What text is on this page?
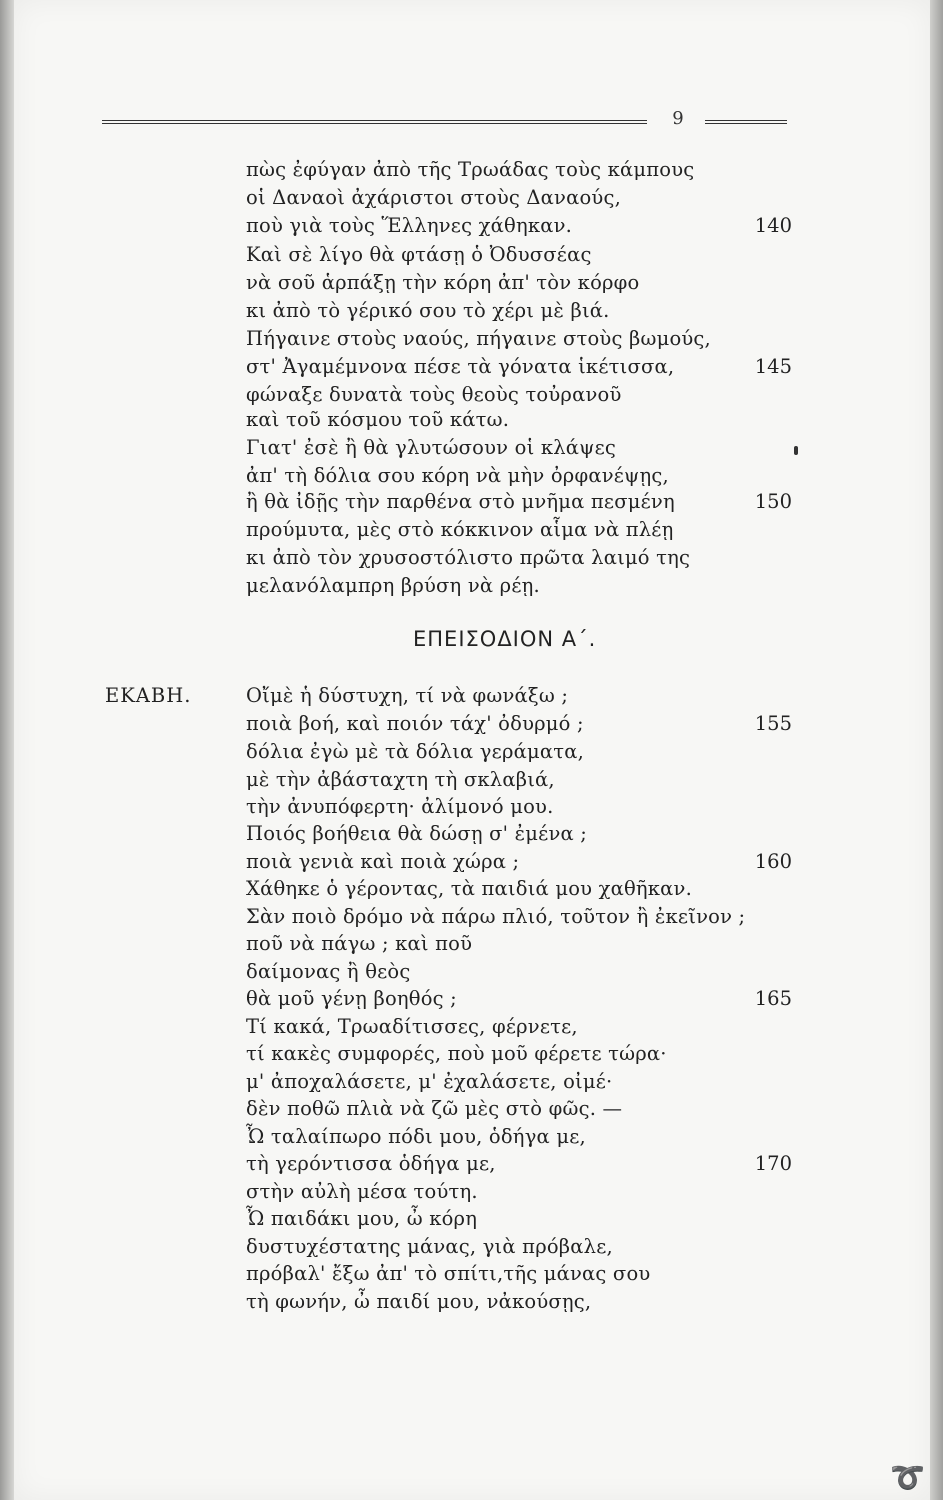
9
πὼς ἐφύγαν ἀπὸ τῆς Τρωάδας τοὺς κάμπους
οἱ Δαναοὶ ἀχάριστοι στοὺς Δαναούς,
ποὺ γιὰ τοὺς Ἕλληνες χάθηκαν.
Καὶ σὲ λίγο θὰ φτάσῃ ὁ Ὀδυσσέας
νὰ σοῦ ἁρπάξῃ τὴν κόρη ἀπ' τὸν κόρφο
κι ἀπὸ τὸ γέρικό σου τὸ χέρι μὲ βιά.
Πήγαινε στοὺς ναούς, πήγαινε στοὺς βωμούς,
στ' Ἀγαμέμνονα πέσε τὰ γόνατα ἱκέτισσα,
φώναξε δυνατὰ τοὺς θεοὺς τοὐρανοῦ
καὶ τοῦ κόσμου τοῦ κάτω.
Γιατ' ἐσὲ ἢ θὰ γλυτώσουν οἱ κλάψες
ἀπ' τὴ δόλια σου κόρη νὰ μὴν ὀρφανέψῃς,
ἢ θὰ ἰδῇς τὴν παρθένα στὸ μνῆμα πεσμένη
προύμυτα, μὲς στὸ κόκκινον αἷμα νὰ πλέῃ
κι ἀπὸ τὸν χρυσοστόλιστο πρῶτα λαιμό της
μελανόλαμπρη βρύση νὰ ρέῃ.
140
145
150
ΕΠΕΙΣΟΔΙΟΝ Α΄.
ΕΚΑΒΗ.	Οἴμὲ ἡ δύστυχη, τί νὰ φωνάξω ;
ποιὰ βοή, καὶ ποιόν τάχ' ὀδυρμό ;
δόλια ἐγὼ μὲ τὰ δόλια γεράματα,
μὲ τὴν ἀβάσταχτη τὴ σκλαβιά,
τὴν ἀνυπόφερτη· ἀλίμονό μου.
Ποιός βοήθεια θὰ δώσῃ σ' ἐμένα ;
ποιὰ γενιὰ καὶ ποιὰ χώρα ;
Χάθηκε ὁ γέροντας, τὰ παιδιά μου χαθῆκαν.
Σὰν ποιὸ δρόμο νὰ πάρω πλιό, τοῦτον ἢ ἐκεῖνον ;
ποῦ νὰ πάγω ; καὶ ποῦ
δαίμονας ἢ θεὸς
θὰ μοῦ γένῃ βοηθός ;
Τί κακά, Τρωαδίτισσες, φέρνετε,
τί κακὲς συμφορές, ποὺ μοῦ φέρετε τώρα·
μ' ἀποχαλάσετε, μ' ἐχαλάσετε, οἰμέ·
δὲν ποθῶ πλιὰ νὰ ζῶ μὲς στὸ φῶς. —
Ὦ ταλαίπωρο πόδι μου, ὁδήγα με,
τὴ γερόντισσα ὁδήγα με,
στὴν αὐλὴ μέσα τούτη.
Ὦ παιδάκι μου, ὦ κόρη
δυστυχέστατης μάνας, γιὰ πρόβαλε,
πρόβαλ' ἔξω ἀπ' τὸ σπίτι,τῆς μάνας σου
τὴ φωνήν, ὦ παιδί μου, νἀκούσῃς,
155
160
165
170
➰
